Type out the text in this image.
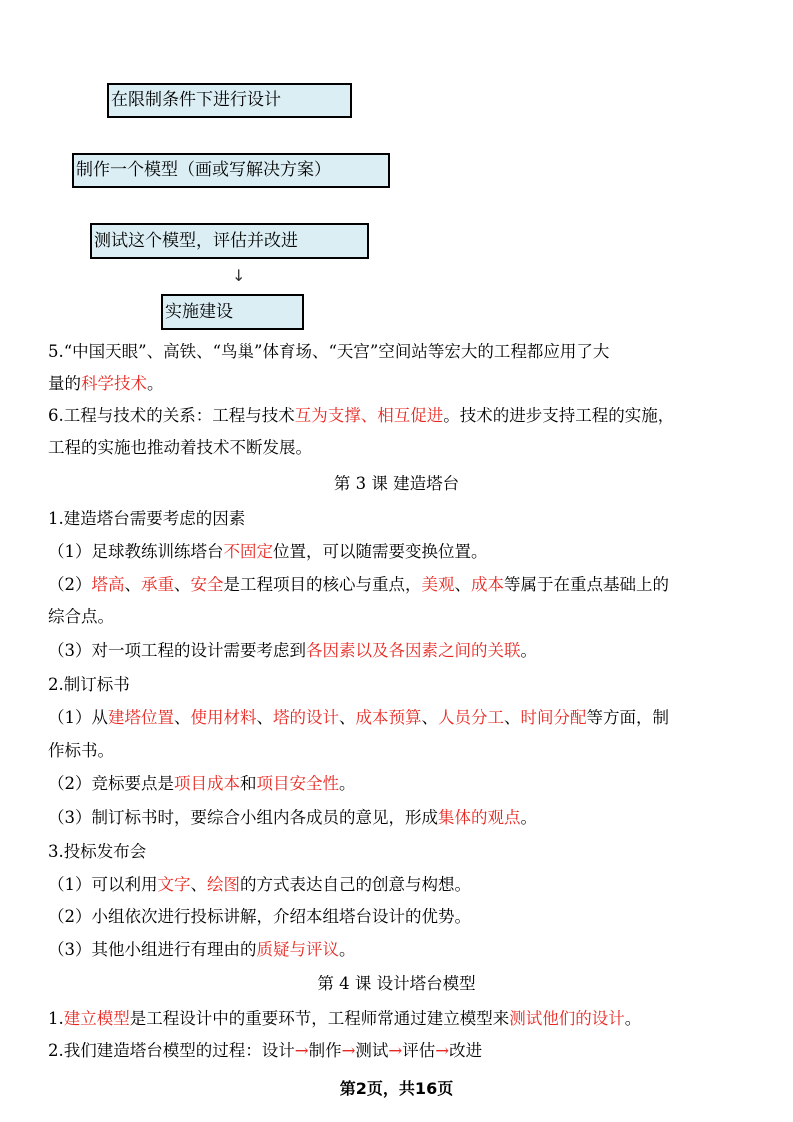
在限制条件下进行设计
制作一个模型（画或写解决方案）
测试这个模型，评估并改进
↓
实施建设
5.“中国天眼”、高铁、“鸟巢”体育场、“天宫”空间站等宏大的工程都应用了大
量的科学技术。
6.工程与技术的关系：工程与技术互为支撑、相互促进。技术的进步支持工程的实施，
工程的实施也推动着技术不断发展。
第 3 课 建造塔台
1.建造塔台需要考虑的因素
（1）足球教练训练塔台不固定位置，可以随需要变换位置。
（2）塔高、承重、安全是工程项目的核心与重点，美观、成本等属于在重点基础上的
综合点。
（3）对一项工程的设计需要考虑到各因素以及各因素之间的关联。
2.制订标书
（1）从建塔位置、使用材料、塔的设计、成本预算、人员分工、时间分配等方面，制
作标书。
（2）竞标要点是项目成本和项目安全性。
（3）制订标书时，要综合小组内各成员的意见，形成集体的观点。
3.投标发布会
（1）可以利用文字、绘图的方式表达自己的创意与构想。
（2）小组依次进行投标讲解，介绍本组塔台设计的优势。
（3）其他小组进行有理由的质疑与评议。
第 4 课 设计塔台模型
1.建立模型是工程设计中的重要环节，工程师常通过建立模型来测试他们的设计。
2.我们建造塔台模型的过程：设计→制作→测试→评估→改进
第2页，共16页
